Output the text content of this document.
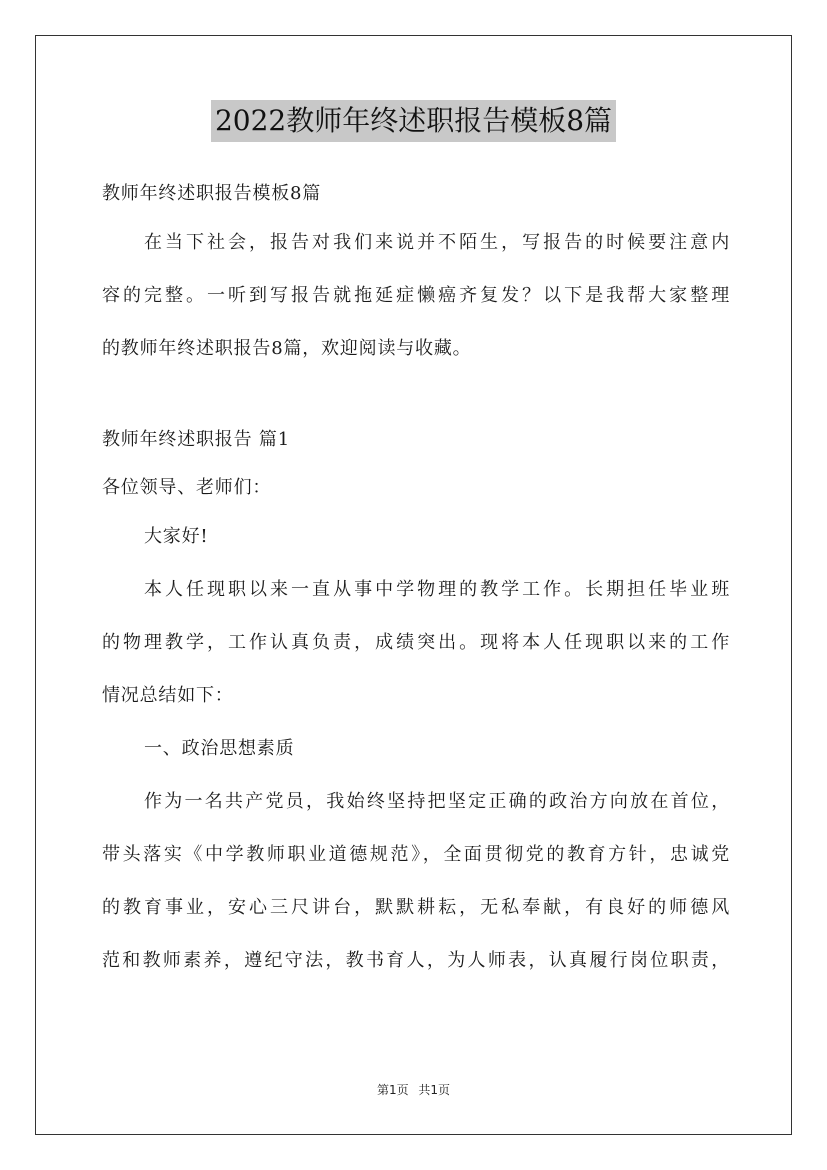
2022教师年终述职报告模板8篇
教师年终述职报告模板8篇
在当下社会，报告对我们来说并不陌生，写报告的时候要注意内
容的完整。一听到写报告就拖延症懒癌齐复发？以下是我帮大家整理
的教师年终述职报告8篇，欢迎阅读与收藏。
教师年终述职报告 篇1
各位领导、老师们：
大家好!
本人任现职以来一直从事中学物理的教学工作。长期担任毕业班
的物理教学，工作认真负责，成绩突出。现将本人任现职以来的工作
情况总结如下：
一、政治思想素质
作为一名共产党员，我始终坚持把坚定正确的政治方向放在首位，
带头落实《中学教师职业道德规范》，全面贯彻党的教育方针，忠诚党
的教育事业，安心三尺讲台，默默耕耘，无私奉献，有良好的师德风
范和教师素养，遵纪守法，教书育人，为人师表，认真履行岗位职责，
第1页 共1页
